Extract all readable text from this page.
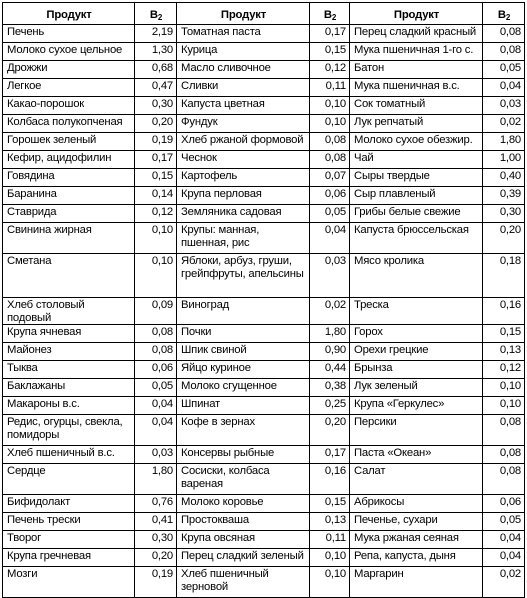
Продукт	$B_2$	Продукт	$B_2$	Продукт	$B_2$
Печень	2,19	Томатная паста	0,17	Перец сладкий красный	0,08
Молоко сухое цельное	1,30	Курица	0,15	Мука пшеничная 1-го с.	0,08
Дрожжи	0,68	Масло сливочное	0,12	Батон	0,05
Легкое	0,47	Сливки	0,11	Мука пшеничная в.с.	0,04
Какао-порошок	0,30	Капуста цветная	0,10	Сок томатный	0,03
Колбаса полукопченая	0,20	Фундук	0,10	Лук репчатый	0,02
Горошек зеленый	0,19	Хлеб ржаной формовой	0,08	Молоко сухое обезжир.	1,80
Кефир, ацидофилин	0,17	Чеснок	0,08	Чай	1,00
Говядина	0,15	Картофель	0,07	Сыры твердые	0,40
Баранина	0,14	Крупа перловая	0,06	Сыр плавленый	0,39
Ставрида	0,12	Земляника садовая	0,05	Грибы белые свежие	0,30
Свинина жирная	0,10	Крупы: манная, пшенная, рис	0,04	Капуста брюссельская	0,20
Сметана	0,10	Яблоки, арбуз, груши, грейпфруты, апельсины	0,03	Мясо кролика	0,18
Хлеб столовый подовый	0,09	Виноград	0,02	Треска	0,16
Крупа ячневая	0,08	Почки	1,80	Горох	0,15
Майонез	0,08	Шпик свиной	0,90	Орехи грецкие	0,13
Тыква	0,06	Яйцо куриное	0,44	Брынза	0,12
Баклажаны	0,05	Молоко сгущенное	0,38	Лук зеленый	0,10
Макароны в.с.	0,04	Шпинат	0,25	Крупа «Геркулес»	0,10
Редис, огурцы, свекла, помидоры	0,04	Кофе в зернах	0,20	Персики	0,08
Хлеб пшеничный в.с.	0,03	Консервы рыбные	0,17	Паста «Океан»	0,08
Сердце	1,80	Сосиски, колбаса вареная	0,16	Салат	0,08
Бифидолакт	0,76	Молоко коровье	0,15	Абрикосы	0,06
Печень трески	0,41	Простокваша	0,13	Печенье, сухари	0,05
Творог	0,30	Крупа овсяная	0,11	Мука ржаная сеяная	0,04
Крупа гречневая	0,20	Перец сладкий зеленый	0,10	Репа, капуста, дыня	0,04
Мозги	0,19	Хлеб пшеничный зерновой	0,10	Маргарин	0,02
